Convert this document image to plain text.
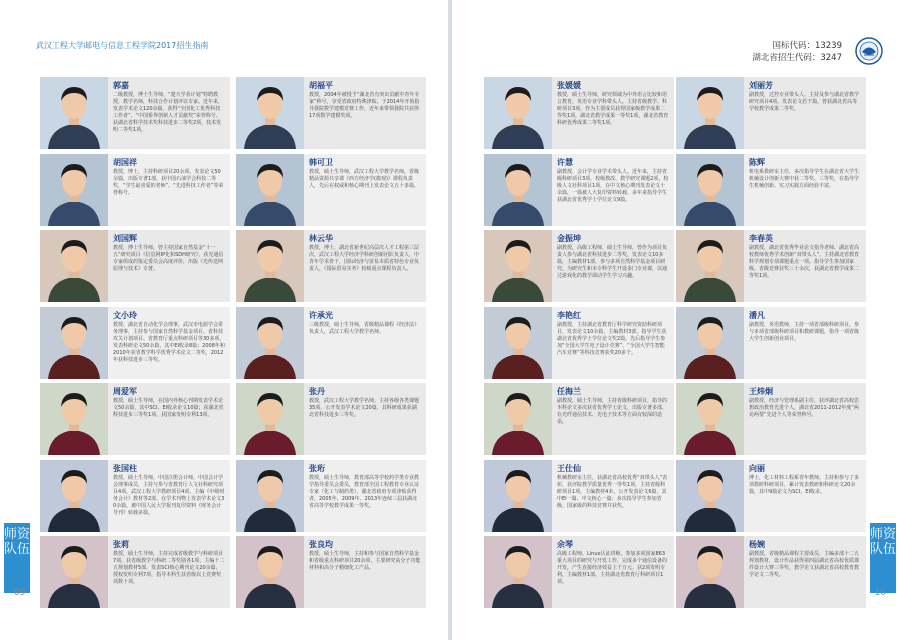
武汉工程大学邮电与信息工程学院2017招生指南	国标代码：13239
湖北省招生代码：3247
师资队伍
师资队伍
09	10
郭嘉
二级教授，博士生导师，“楚天学者计划”特聘教授，教学名师，科技合作计划评议专家。近年来，发表学术论文120余篇，获得“全国化工优秀科技工作者”、“中国侨界创新人才贡献奖”荣誉称号。获湖北省科学技术奖科技进步二等奖2项，技术发明二等奖1项。
胡国祥
教授，博士，主持科研项目20余项，发表论文50余篇，出版专著1部，获中国石油学会科技二等奖，“学生最喜爱的老师”、“先进科技工作者”等荣誉称号。
刘国辉
教授，博士生导师，曾主持国家自然基金“十一五”研究项目《信息网IP化和SDH研究》，获光通信专家组成的鉴定委员会高度评价，出版《光传送网原理与技术》专著。
文小玲
教授，湖北省自动化学会理事，武汉市电源学会常务理事，主持参与国家自然科学基金项目、省科技攻关计划项目、省教育厅重点科研项目等30多项，发表科研论文50余篇，其中EI收录8篇；2008年和2010年获省教学科学优秀学术论文二等奖，2012年获科技进步三等奖。
周爱军
教授，硕士生导师，在国内外核心刊期发表学术论文50余篇，其中SCI、EI收录论文10篇；获湖北省科技进步三等奖1项，获国家发明专利13项。
张国柱
教授，硕士生导师，中国注册会计师，中国会计学会理事成员，主持与参与省教育厅人文社科研究项目4项，武汉工程大学教研项目4项，主编《中级财务会计》教材等2部，在学术刊物上发表学术论文30余篇，被中国人民大学报刊复印资料《财务会计导刊》转载多篇。
张莉
教授，硕士生导师，主持完成省级教学与科研项目7项，获省级教学与科研二等奖励各1项，主编十二五规划教材5部，发表SCI核心期刊论文20余篇，授权发明专利7项，指导本科生获省级以上竞赛奖项数十项。
胡福平
教授，2004年被授予“湖北省有突出贡献中青年专家”称号，享受省政府特殊津贴。于2014年开始指导我院数学建模竞赛工作，近年来带领我院共获得17项数学建模奖项。
韩可卫
教授，硕士生导师，武汉工程大学教学名师，省级精品资源共享课《西方经济学(微观)》课程负责人，先后在权威和核心期刊上发表论文五十多篇。
林云华
教授，博士，湖北省新世纪高层次人才工程第三层次，武汉工程大学经济学科研创新团队负责人，中青年学术骨干，国际经济与贸易本质省特色专业负责人，《国际贸易实务》校级重点课程负责人。
许承光
三级教授，硕士生导师，省级精品课程《经济法》负责人，武汉工程大学教学名师。
张丹
教授，武汉工程大学教学名师。主持各级各类课题35项，公开发表学术论文20篇，其科研成果获湖北省科技进步三等奖。
张珩
教授，硕士生导师，教育部高等学校药学类专业教学指导委员会委员，教育部全国工程教育专业认证专家（化工与制药类），湖北省政府专项津贴获得者，2005年、2009年、2013年连续三届获湖北省高等学校教学成果一等奖。
张良均
教授，硕士生导师，主持和参与国家自然科学基金和省级重点科研项目20余项，主要研究高分子功能材料和高分子精细化工产品。
张媛媛
教授，硕士生导师，研究领域为中外语言比较和语言教育，英语专业学科带头人。主持省级教学、科研项目3项，作为主要成员获得国家级教学成果二等奖1项，湖北省教学成果一等奖1项，湖北省教育科研优秀成果二等奖1项。
许慧
副教授，会计学专业学术带头人。近年来，主持省级科研项目3项，校级教改、教学研究课题2项，校级人文社科项目1项，在中文核心期刊发表论文十余篇，一篇被人大复印资料转载，多年来指导学生获湖北省优秀学士学位论文9篇。
金振坤
副教授，高级工程师，硕士生导师，曾作为项目负责人参与湖北省科技进步二等奖，发表论文10多篇，主编教材1部，参与多项自然科学基金项目研究。为研究生和本专科学生开设多门专业课，以通过游戏化的教学调动学生学习兴趣。
李艳红
副教授，主持湖北省教育厅科学研究资助科研项目，发表论文10余篇，主编教材3部，指导学生获湖北省优秀学士学位论文奖2篇，先后指导学生参加“全国大学生电子设计竞赛”、“全国大学生智能汽车竞赛”等科技竞赛获奖20多个。
任海兰
副教授，硕士生导师，主持省级科研项目，指导的本科论文多次获省优秀学士论文，出版专著多部，在光纤通信技术、光电子技术等方面有较深的造诣。
王仕仙
机械教研室主任，获湖北省高校优秀“双带头人”表彰，获评院教学质量优秀一等奖1项，主持省级科研项目1项，主编教材4本，公开发表论文6篇，其中EI一篇、中文核心一篇；多次指导学生参加省级、国家级的科技竞赛并获奖。
余琴
高级工程师，Linux认证讲师。参加多项国家863重大项目的研究与开发工作，完成多个通信设备的开发，产生直接经济效益上千万元。获2项发明专利，主编教材1部，主持湖北省教育厅科研项目1项。
刘丽芳
副教授，过控专业带头人。主持及参与湖北省教学研究项目4项，发表论文若干篇，曾获湖北省高等学校教学成果二等奖。
陈辉
机电系教研室主任，多次指导学生在湖北省大学生机械设计创新大赛中获二等奖、三等奖，在指导学生机械创新、实习实践方面经验丰富。
李春英
副教授，湖北省优秀毕业论文指导老师、湖北省高校教师优秀学术创新“双带头人”。主持湖北省教育科学规划专项课题重点一项。指导学生参加国家级、省级竞赛获奖三十余次，获湖北省教学成果二等奖1项。
潘凡
副教授，英语教师，主持一项省部级科研项目，参与多项省部级科研项目和教研课题，指导一项省级大学生创新创业项目。
王炜炯
副教授，经济与管理系副主任，获评湖北省高校思想政治教育先进个人，湖北省2011-2012年度“两访两帮”先进个人等荣誉称号。
向丽
博士，化工材料工程系青年教师。主持和参与了多项教研科研项目，累计发表教研和科研论文20余篇，其中9篇论文为SCI、EI收录。
杨婉
副教授，省级精品课程主要成员，主编多部十二五规划教材，设计作品获得第四届湖北省高校优质课件设计大赛三等奖，教学论文获湖北省高校教育教学论文二等奖。
